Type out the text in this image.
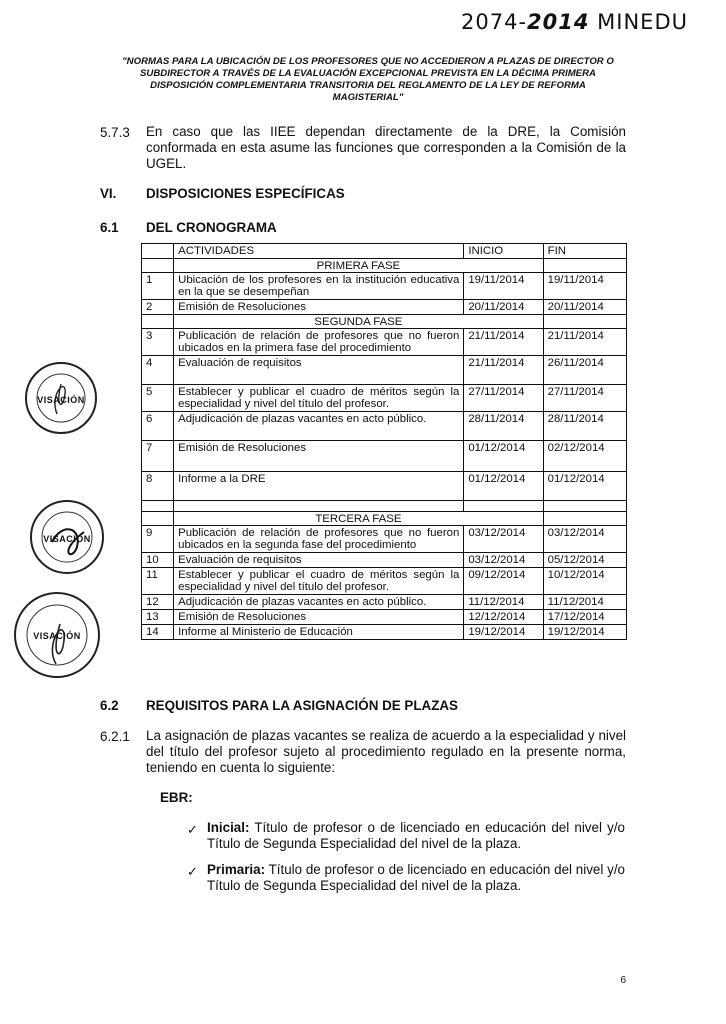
2074-2014 MINEDU
"NORMAS PARA LA UBICACIÓN DE LOS PROFESORES QUE NO ACCEDIERON A PLAZAS DE DIRECTOR O
SUBDIRECTOR A TRAVÉS DE LA EVALUACIÓN EXCEPCIONAL PREVISTA EN LA DÉCIMA PRIMERA
DISPOSICIÓN COMPLEMENTARIA TRANSITORIA DEL REGLAMENTO DE LA LEY DE REFORMA
MAGISTERIAL"
5.7.3 En caso que las IIEE dependan directamente de la DRE, la Comisión conformada en esta asume las funciones que corresponden a la Comisión de la UGEL.
VI. DISPOSICIONES ESPECÍFICAS
6.1 DEL CRONOGRAMA
	ACTIVIDADES	INICIO	FIN
	PRIMERA FASE		
1	Ubicación de los profesores en la institución educativa en la que se desempeñan	19/11/2014	19/11/2014
2	Emisión de Resoluciones	20/11/2014	20/11/2014
	SEGUNDA FASE		
3	Publicación de relación de profesores que no fueron ubicados en la primera fase del procedimiento	21/11/2014	21/11/2014
4	Evaluación de requisitos	21/11/2014	26/11/2014
5	Establecer y publicar el cuadro de méritos según la especialidad y nivel del título del profesor.	27/11/2014	27/11/2014
6	Adjudicación de plazas vacantes en acto público.	28/11/2014	28/11/2014
7	Emisión de Resoluciones	01/12/2014	02/12/2014
8	Informe a la DRE	01/12/2014	01/12/2014

	TERCERA FASE		
9	Publicación de relación de profesores que no fueron ubicados en la segunda fase del procedimiento	03/12/2014	03/12/2014
10	Evaluación de requisitos	03/12/2014	05/12/2014
11	Establecer y publicar el cuadro de méritos según la especialidad y nivel del título del profesor.	09/12/2014	10/12/2014
12	Adjudicación de plazas vacantes en acto público.	11/12/2014	11/12/2014
13	Emisión de Resoluciones	12/12/2014	17/12/2014
14	Informe al Ministerio de Educación	19/12/2014	19/12/2014
VISACIÓN
VISACIÓN
VISACIÓN
6.2 REQUISITOS PARA LA ASIGNACIÓN DE PLAZAS
6.2.1 La asignación de plazas vacantes se realiza de acuerdo a la especialidad y nivel del título del profesor sujeto al procedimiento regulado en la presente norma, teniendo en cuenta lo siguiente:
EBR:
✓ Inicial: Título de profesor o de licenciado en educación del nivel y/o Título de Segunda Especialidad del nivel de la plaza.
✓ Primaria: Título de profesor o de licenciado en educación del nivel y/o Título de Segunda Especialidad del nivel de la plaza.
6
